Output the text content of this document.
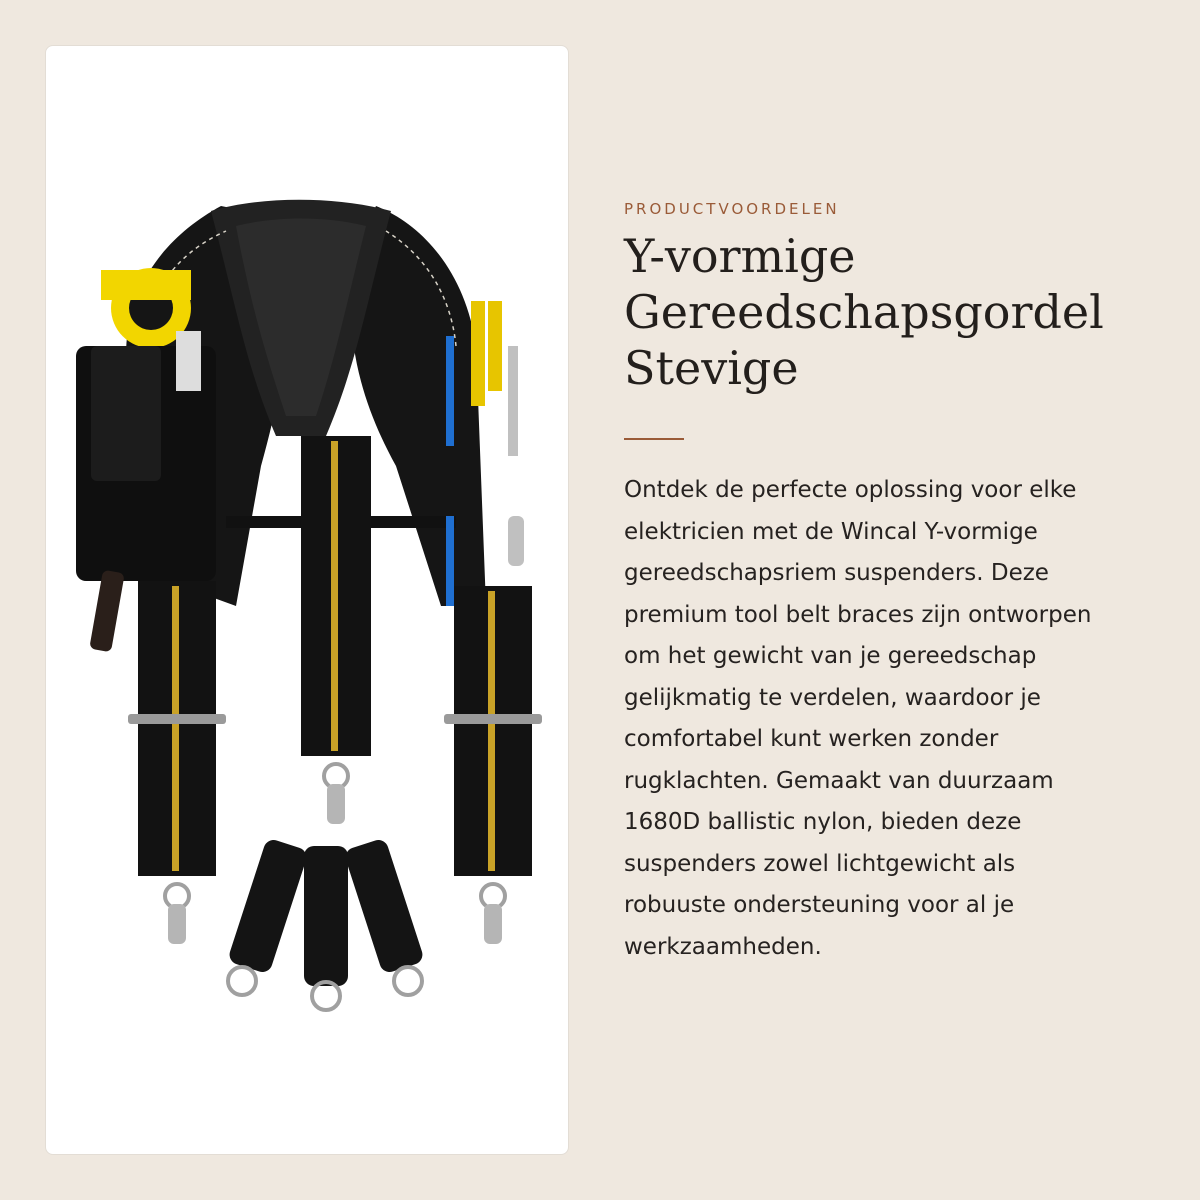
PRODUCTVOORDELEN

Y-vormige
Gereedschapsgordel
Stevige

Ontdek de perfecte oplossing voor elke elektricien met de Wincal Y-vormige gereedschapsriem suspenders. Deze premium tool belt braces zijn ontworpen om het gewicht van je gereedschap gelijkmatig te verdelen, waardoor je comfortabel kunt werken zonder rugklachten. Gemaakt van duurzaam 1680D ballistic nylon, bieden deze suspenders zowel lichtgewicht als robuuste ondersteuning voor al je werkzaamheden.
